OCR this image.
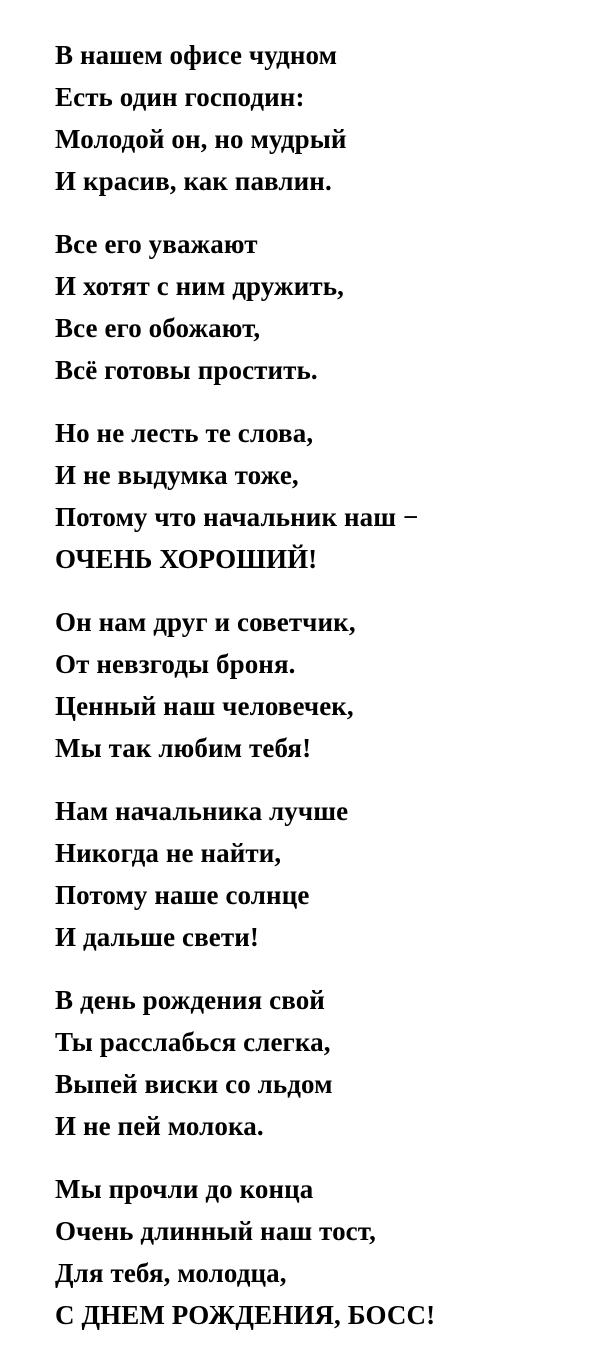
В нашем офисе чудном
Есть один господин:
Молодой он, но мудрый
И красив, как павлин.

Все его уважают
И хотят с ним дружить,
Все его обожают,
Всё готовы простить.

Но не лесть те слова,
И не выдумка тоже,
Потому что начальник наш −
ОЧЕНЬ ХОРОШИЙ!

Он нам друг и советчик,
От невзгоды броня.
Ценный наш человечек,
Мы так любим тебя!

Нам начальника лучше
Никогда не найти,
Потому наше солнце
И дальше свети!

В день рождения свой
Ты расслабься слегка,
Выпей виски со льдом
И не пей молока.

Мы прочли до конца
Очень длинный наш тост,
Для тебя, молодца,
С ДНЕМ РОЖДЕНИЯ, БОСС!
